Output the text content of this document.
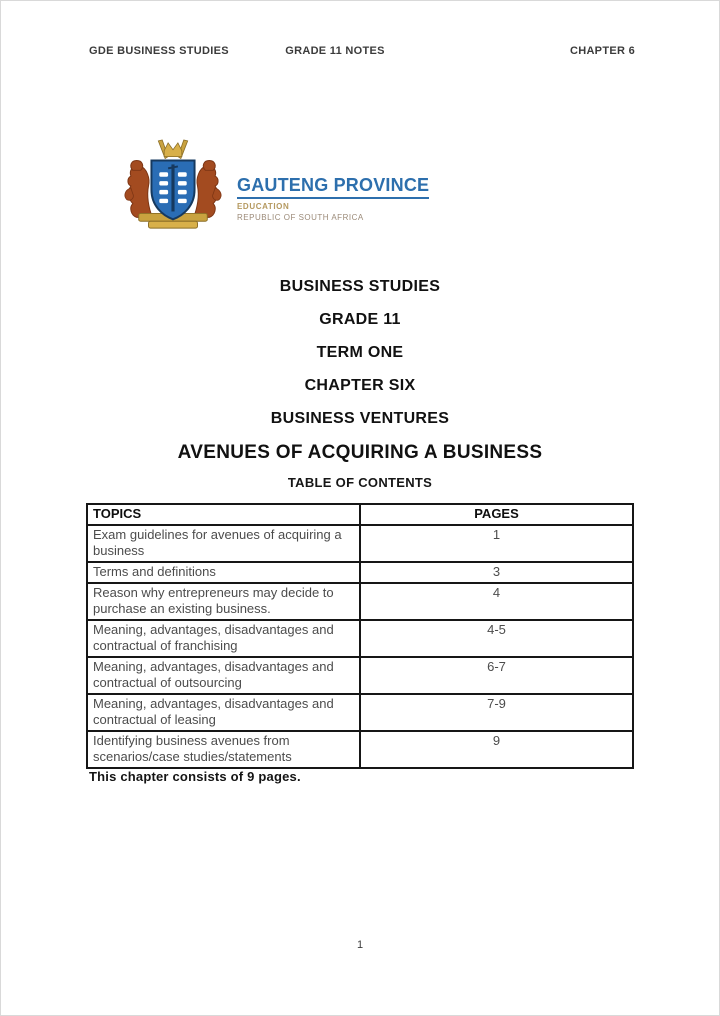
GDE BUSINESS STUDIES	GRADE 11 NOTES	CHAPTER 6
GAUTENG PROVINCE
EDUCATION
REPUBLIC OF SOUTH AFRICA
BUSINESS STUDIES
GRADE 11
TERM ONE
CHAPTER SIX
BUSINESS VENTURES
AVENUES OF ACQUIRING A BUSINESS
TABLE OF CONTENTS
TOPICS	PAGES
Exam guidelines for avenues of acquiring a business	1
Terms and definitions	3
Reason why entrepreneurs may decide to purchase an existing business.	4
Meaning, advantages, disadvantages and contractual of franchising	4-5
Meaning, advantages, disadvantages and contractual of outsourcing	6-7
Meaning, advantages, disadvantages and contractual of leasing	7-9
Identifying business avenues from scenarios/case studies/statements	9
This chapter consists of 9 pages.
1
